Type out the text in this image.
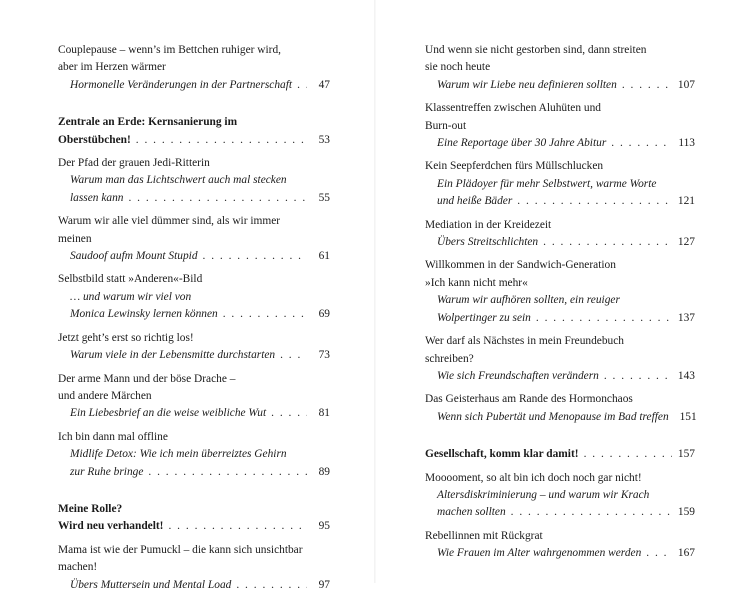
Couplepause – wenn’s im Bettchen ruhiger wird,
aber im Herzen wärmer
Hormonelle Veränderungen in der Partnerschaft . . .	47
Zentrale an Erde: Kernsanierung im
Oberstübchen! . . .	53
Der Pfad der grauen Jedi-Ritterin
Warum man das Lichtschwert auch mal stecken
lassen kann . . .	55
Warum wir alle viel dümmer sind, als wir immer
meinen
Saudoof aufm Mount Stupid . . .	61
Selbstbild statt »Anderen«-Bild
… und warum wir viel von
Monica Lewinsky lernen können . . .	69
Jetzt geht’s erst so richtig los!
Warum viele in der Lebensmitte durchstarten . . .	73
Der arme Mann und der böse Drache –
und andere Märchen
Ein Liebesbrief an die weise weibliche Wut . . .	81
Ich bin dann mal offline
Midlife Detox: Wie ich mein überreiztes Gehirn
zur Ruhe bringe . . .	89
Meine Rolle?
Wird neu verhandelt! . . .	95
Mama ist wie der Pumuckl – die kann sich unsichtbar
machen!
Übers Muttersein und Mental Load . . .	97
Und wenn sie nicht gestorben sind, dann streiten
sie noch heute
Warum wir Liebe neu definieren sollten . . .	107
Klassentreffen zwischen Aluhüten und
Burn-out
Eine Reportage über 30 Jahre Abitur . . .	113
Kein Seepferdchen fürs Müllschlucken
Ein Plädoyer für mehr Selbstwert, warme Worte
und heiße Bäder . . .	121
Mediation in der Kreidezeit
Übers Streitschlichten . . .	127
Willkommen in der Sandwich-Generation
»Ich kann nicht mehr«
Warum wir aufhören sollten, ein reuiger
Wolpertinger zu sein . . .	137
Wer darf als Nächstes in mein Freundebuch
schreiben?
Wie sich Freundschaften verändern . . .	143
Das Geisterhaus am Rande des Hormonchaos
Wenn sich Pubertät und Menopause im Bad treffen 151
Gesellschaft, komm klar damit! . . .	157
Mooooment, so alt bin ich doch noch gar nicht!
Altersdiskriminierung – und warum wir Krach
machen sollten . . .	159
Rebellinnen mit Rückgrat
Wie Frauen im Alter wahrgenommen werden . . .	167
